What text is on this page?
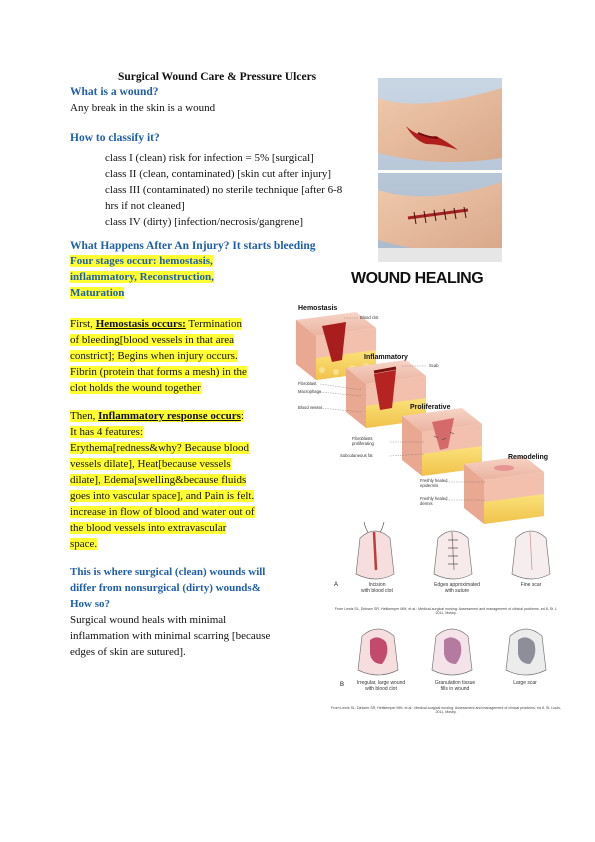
Surgical Wound Care & Pressure Ulcers
What is a wound?
Any break in the skin is a wound
How to classify it?
class I (clean) risk for infection = 5% [surgical]
class II (clean, contaminated) [skin cut after injury]
class III (contaminated) no sterile technique [after 6-8
hrs if not cleaned]
class IV (dirty) [infection/necrosis/gangrene]
What Happens After An Injury? It starts bleeding
Four stages occur: hemostasis,
inflammatory, Reconstruction,
Maturation
First, Hemostasis occurs: Termination
of bleeding[blood vessels in that area
constrict]; Begins when injury occurs.
Fibrin (protein that forms a mesh) in the
clot holds the wound together
Then, Inflammatory response occurs:
It has 4 features:
Erythema[redness&why? Because blood
vessels dilate], Heat[because vessels
dilate], Edema[swelling&because fluids
goes into vascular space], and Pain is felt.
increase in flow of blood and water out of
the blood vessels into extravascular
space.
This is where surgical (clean) wounds will
differ from nonsurgical (dirty) wounds&
How so?
Surgical wound heals with minimal
inflammation with minimal scarring [because
edges of skin are sutured].
WOUND HEALING
Hemostasis
Inflammatory
Proliferative
Remodeling
Blood clot
Scab
Fibroblast
Macrophage
Blood vessel
Fibroblasts
proliferating
Subcutaneous fat
Freshly healed
epidermis
Freshly healed
dermis
A	Incision
with blood clot
Edges approximated
with suture
Fine scar
From Lewis SL, Dirksen SR, Heitkemper MM, et al.: Medical-surgical nursing: Assessment and management of clinical problems, ed 8, St. L
2011, Mosby.
B	Irregular, large wound
with blood clot
Granulation tissue
fills in wound
Large scar
From Lewis SL, Dirksen SR, Heitkemper MM, et al.: Medical-surgical nursing: Assessment and management of clinical problems, ed 8, St. Louis,
2011, Mosby.
